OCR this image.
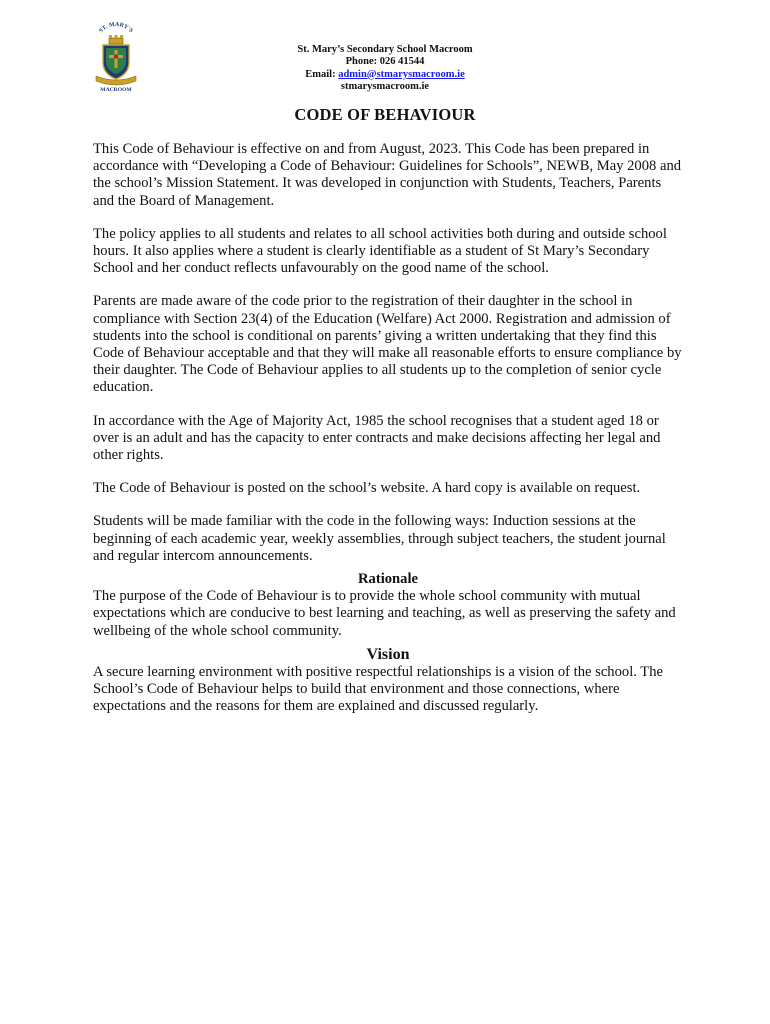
ST. MARY'S
MACROOM
St. Mary’s Secondary School Macroom
Phone: 026 41544
Email: admin@stmarysmacroom.ie
stmarysmacroom.ie
CODE OF BEHAVIOUR

This Code of Behaviour is effective on and from August, 2023. This Code has been prepared in accordance with “Developing a Code of Behaviour: Guidelines for Schools”, NEWB, May 2008 and the school’s Mission Statement. It was developed in conjunction with Students, Teachers, Parents and the Board of Management.

The policy applies to all students and relates to all school activities both during and outside school hours. It also applies where a student is clearly identifiable as a student of St Mary’s Secondary School and her conduct reflects unfavourably on the good name of the school.

Parents are made aware of the code prior to the registration of their daughter in the school in compliance with Section 23(4) of the Education (Welfare) Act 2000. Registration and admission of students into the school is conditional on parents’ giving a written undertaking that they find this Code of Behaviour acceptable and that they will make all reasonable efforts to ensure compliance by their daughter. The Code of Behaviour applies to all students up to the completion of senior cycle education.

In accordance with the Age of Majority Act, 1985 the school recognises that a student aged 18 or over is an adult and has the capacity to enter contracts and make decisions affecting her legal and other rights.

The Code of Behaviour is posted on the school’s website. A hard copy is available on request.

Students will be made familiar with the code in the following ways: Induction sessions at the beginning of each academic year, weekly assemblies, through subject teachers, the student journal and regular intercom announcements.

Rationale

The purpose of the Code of Behaviour is to provide the whole school community with mutual expectations which are conducive to best learning and teaching, as well as preserving the safety and wellbeing of the whole school community.

Vision

A secure learning environment with positive respectful relationships is a vision of the school. The School’s Code of Behaviour helps to build that environment and those connections, where expectations and the reasons for them are explained and discussed regularly.
